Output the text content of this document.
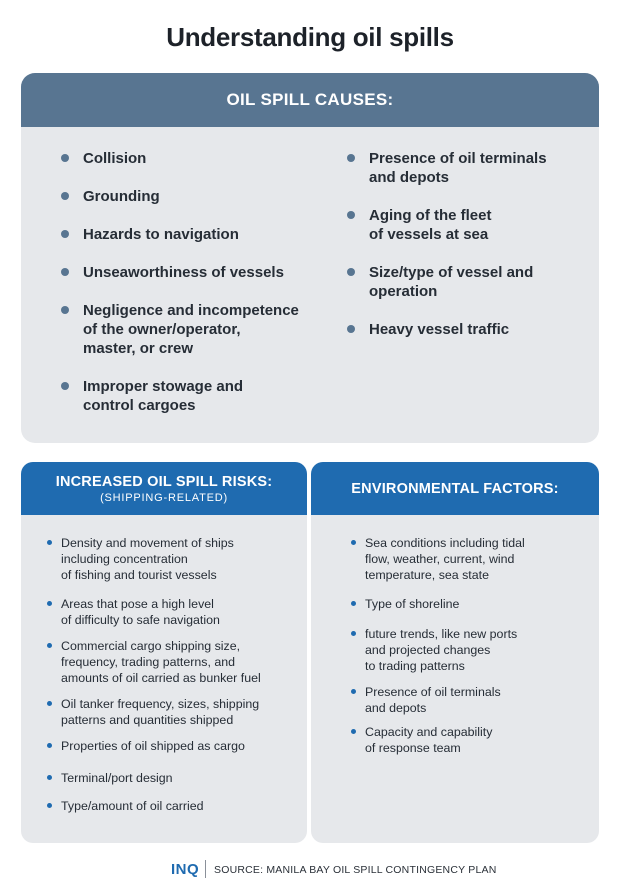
Understanding oil spills
OIL SPILL CAUSES:
Collision
Grounding
Hazards to navigation
Unseaworthiness of vessels
Negligence and incompetence
of the owner/operator,
master, or crew
Improper stowage and
control cargoes
Presence of oil terminals
and depots
Aging of the fleet
of vessels at sea
Size/type of vessel and
operation
Heavy vessel traffic
INCREASED OIL SPILL RISKS:
(SHIPPING-RELATED)
Density and movement of ships
including concentration
of fishing and tourist vessels
Areas that pose a high level
of difficulty to safe navigation
Commercial cargo shipping size,
frequency, trading patterns, and
amounts of oil carried as bunker fuel
Oil tanker frequency, sizes, shipping
patterns and quantities shipped
Properties of oil shipped as cargo
Terminal/port design
Type/amount of oil carried
ENVIRONMENTAL FACTORS:
Sea conditions including tidal
flow, weather, current, wind
temperature, sea state
Type of shoreline
future trends, like new ports
and projected changes
to trading patterns
Presence of oil terminals
and depots
Capacity and capability
of response team
INQ SOURCE: MANILA BAY OIL SPILL CONTINGENCY PLAN
